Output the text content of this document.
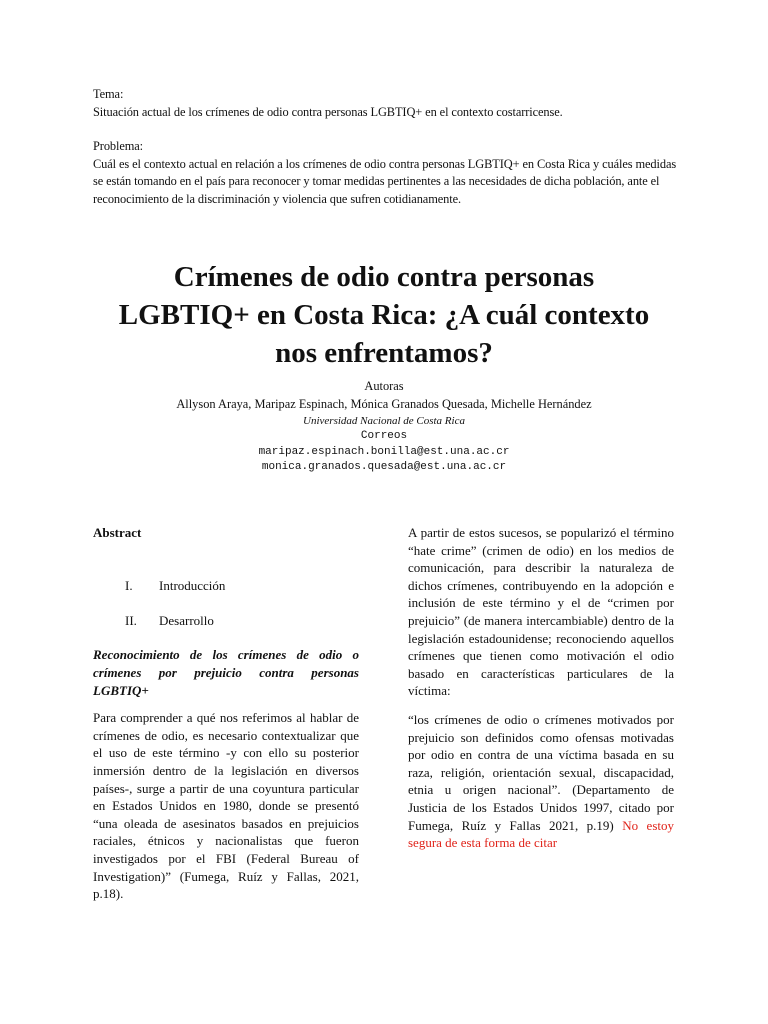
Tema:

Situación actual de los crímenes de odio contra personas LGBTIQ+ en el contexto costarricense.

Problema:

Cuál es el contexto actual en relación a los crímenes de odio contra personas LGBTIQ+ en Costa Rica y cuáles medidas se están tomando en el país para reconocer y tomar medidas pertinentes a las necesidades de dicha población, ante el reconocimiento de la discriminación y violencia que sufren cotidianamente.

Crímenes de odio contra personas
LGBTIQ+ en Costa Rica: ¿A cuál contexto
nos enfrentamos?
Autoras
Allyson Araya, Maripaz Espinach, Mónica Granados Quesada, Michelle Hernández
Universidad Nacional de Costa Rica
Correos
maripaz.espinach.bonilla@est.una.ac.cr
monica.granados.quesada@est.una.ac.cr

Abstract

I.	Introducción
II.	Desarrollo

Reconocimiento de los crímenes de odio o crímenes por prejuicio contra personas LGBTIQ+

Para comprender a qué nos referimos al hablar de crímenes de odio, es necesario contextualizar que el uso de este término -y con ello su posterior inmersión dentro de la legislación en diversos países-, surge a partir de una coyuntura particular en Estados Unidos en 1980, donde se presentó “una oleada de asesinatos basados en prejuicios raciales, étnicos y nacionalistas que fueron investigados por el FBI (Federal Bureau of Investigation)” (Fumega, Ruíz y Fallas, 2021, p.18).

A partir de estos sucesos, se popularizó el término “hate crime” (crimen de odio) en los medios de comunicación, para describir la naturaleza de dichos crímenes, contribuyendo en la adopción e inclusión de este término y el de “crimen por prejuicio” (de manera intercambiable) dentro de la legislación estadounidense; reconociendo aquellos crímenes que tienen como motivación el odio basado en características particulares de la víctima:

“los crímenes de odio o crímenes motivados por prejuicio son definidos como ofensas motivadas por odio en contra de una víctima basada en su raza, religión, orientación sexual, discapacidad, etnia u origen nacional”. (Departamento de Justicia de los Estados Unidos 1997, citado por Fumega, Ruíz y Fallas 2021, p.19) No estoy segura de esta forma de citar
